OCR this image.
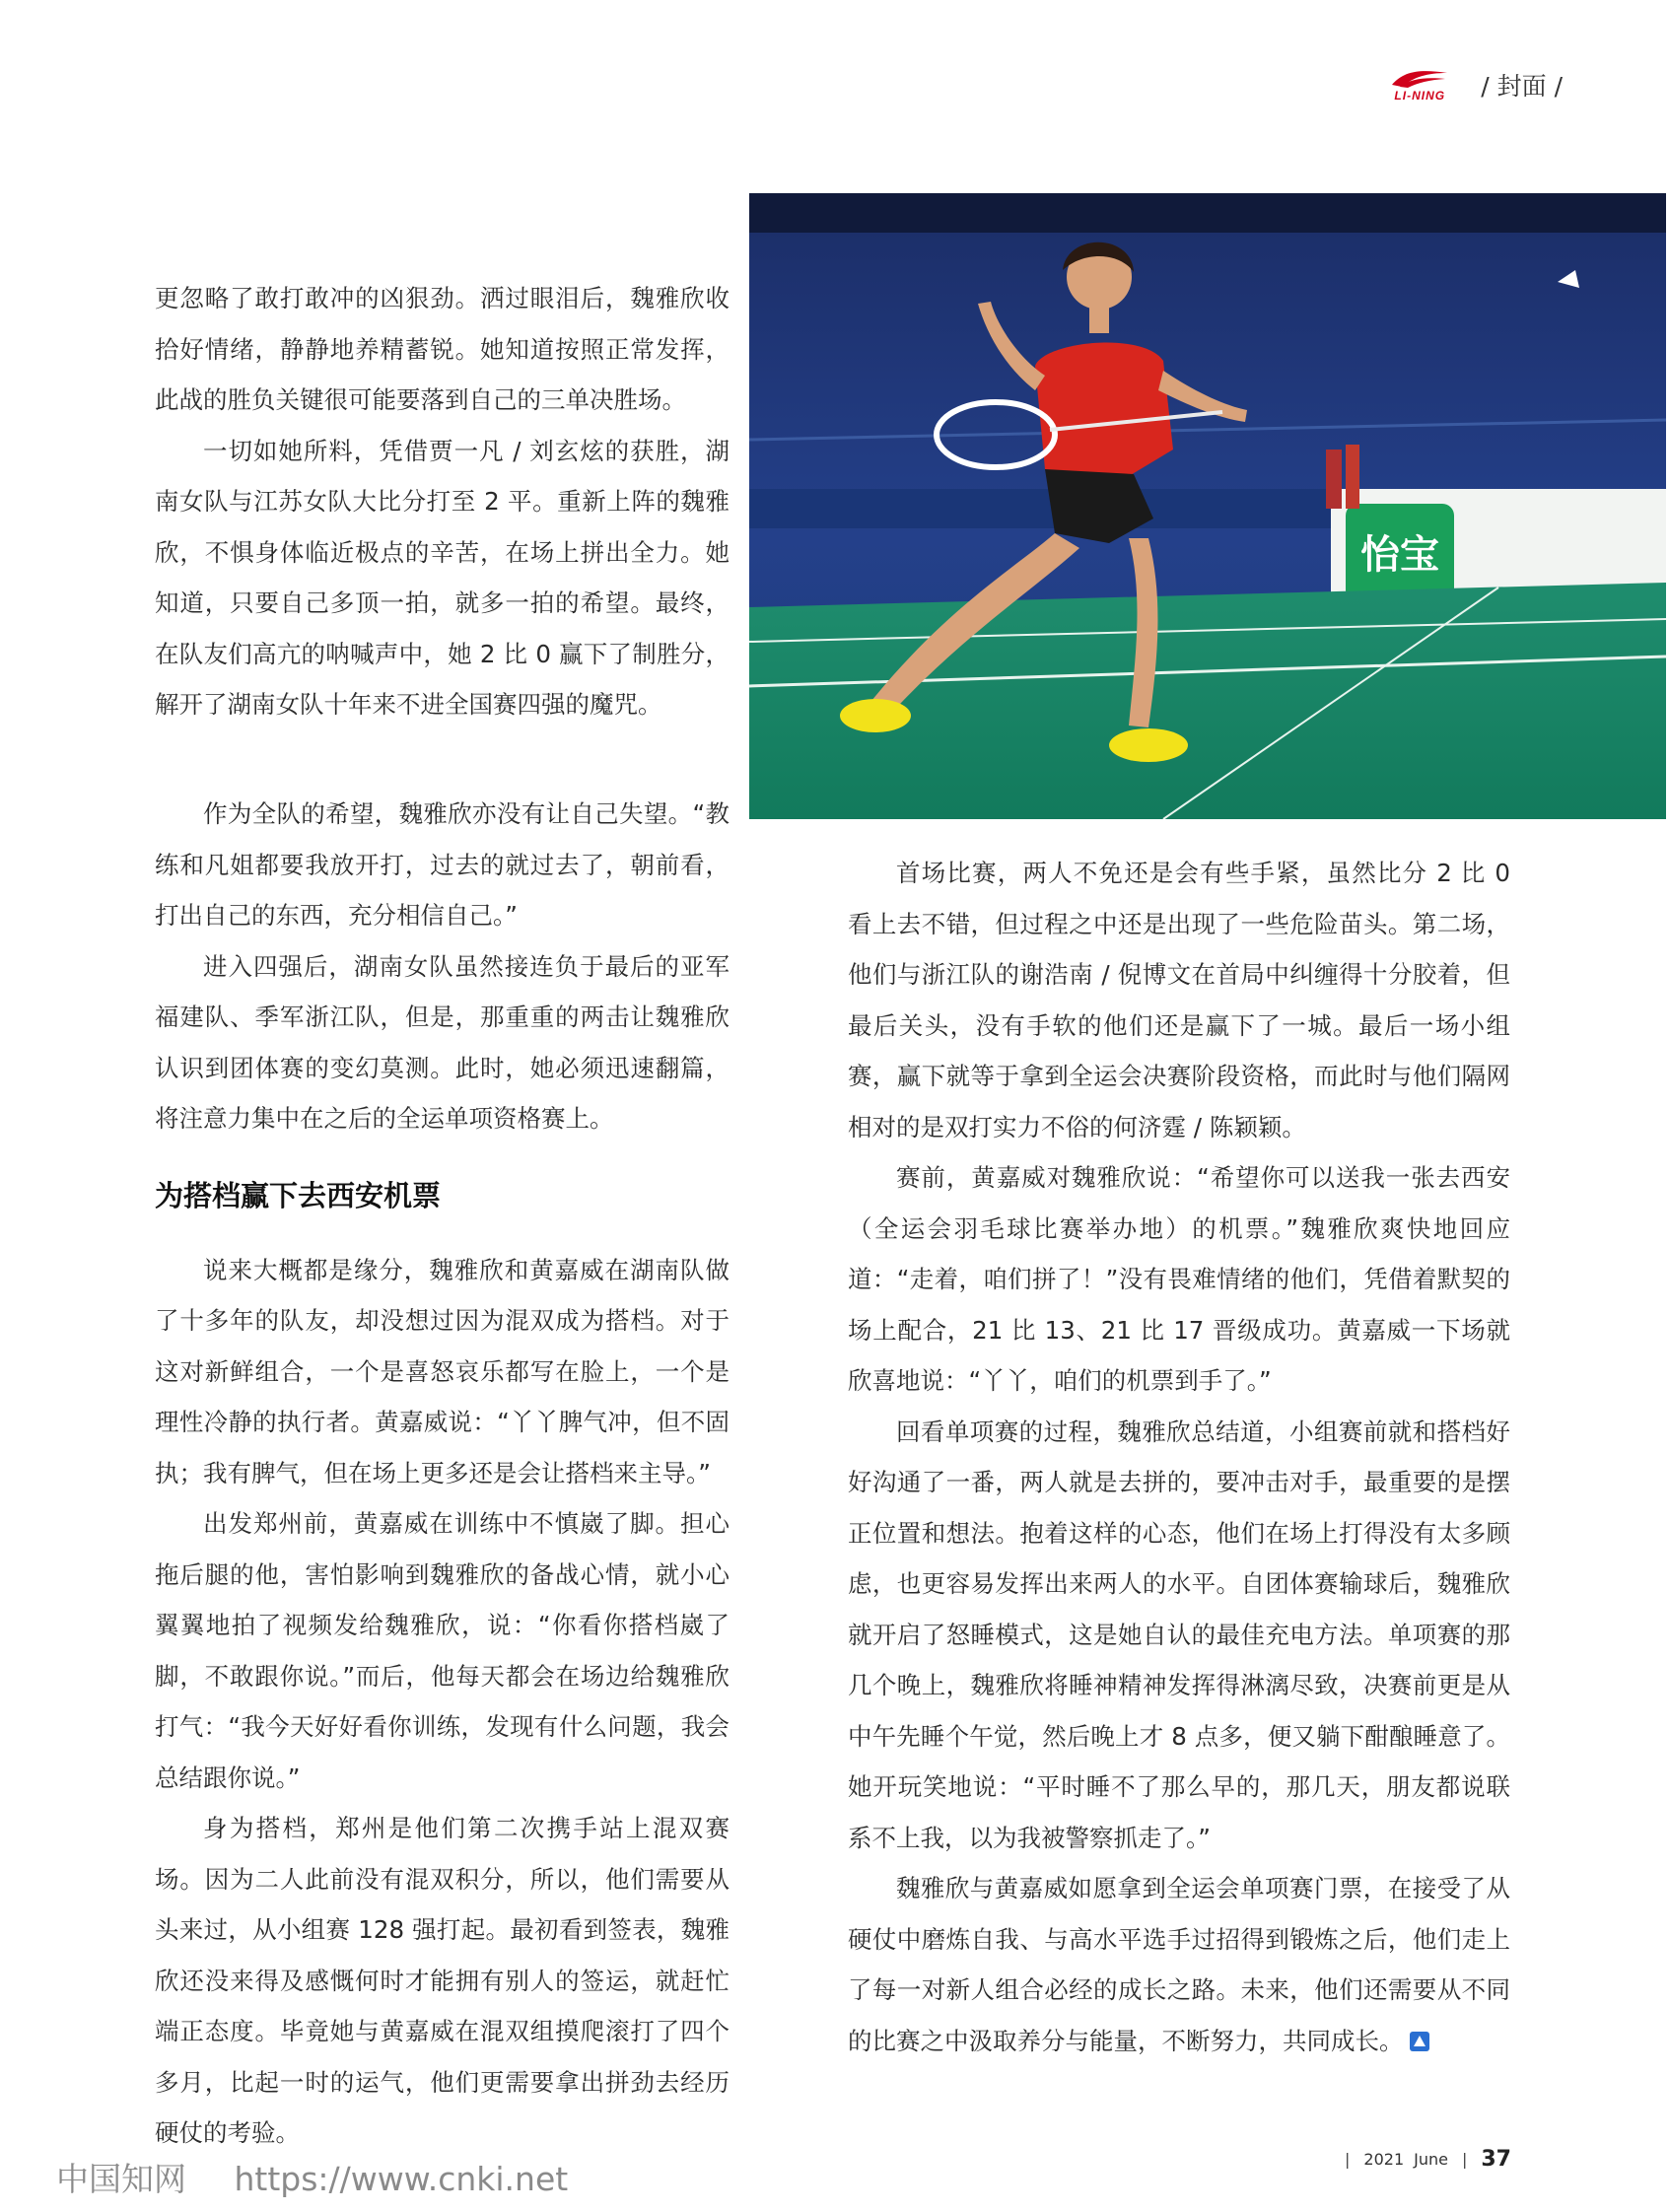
LI-NING / 封面 /
怡宝

更忽略了敢打敢冲的凶狠劲。洒过眼泪后，魏雅欣收拾好情绪，静静地养精蓄锐。她知道按照正常发挥，此战的胜负关键很可能要落到自己的三单决胜场。

一切如她所料，凭借贾一凡 / 刘玄炫的获胜，湖南女队与江苏女队大比分打至 2 平。重新上阵的魏雅欣，不惧身体临近极点的辛苦，在场上拼出全力。她知道，只要自己多顶一拍，就多一拍的希望。最终，在队友们高亢的呐喊声中，她 2 比 0 赢下了制胜分，解开了湖南女队十年来不进全国赛四强的魔咒。

作为全队的希望，魏雅欣亦没有让自己失望。“教练和凡姐都要我放开打，过去的就过去了，朝前看，打出自己的东西，充分相信自己。”

进入四强后，湖南女队虽然接连负于最后的亚军福建队、季军浙江队，但是，那重重的两击让魏雅欣认识到团体赛的变幻莫测。此时，她必须迅速翻篇，将注意力集中在之后的全运单项资格赛上。

为搭档赢下去西安机票

说来大概都是缘分，魏雅欣和黄嘉威在湖南队做了十多年的队友，却没想过因为混双成为搭档。对于这对新鲜组合，一个是喜怒哀乐都写在脸上，一个是理性冷静的执行者。黄嘉威说：“丫丫脾气冲，但不固执；我有脾气，但在场上更多还是会让搭档来主导。”

出发郑州前，黄嘉威在训练中不慎崴了脚。担心拖后腿的他，害怕影响到魏雅欣的备战心情，就小心翼翼地拍了视频发给魏雅欣，说：“你看你搭档崴了脚，不敢跟你说。”而后，他每天都会在场边给魏雅欣打气：“我今天好好看你训练，发现有什么问题，我会总结跟你说。”

身为搭档，郑州是他们第二次携手站上混双赛场。因为二人此前没有混双积分，所以，他们需要从头来过，从小组赛 128 强打起。最初看到签表，魏雅欣还没来得及感慨何时才能拥有别人的签运，就赶忙端正态度。毕竟她与黄嘉威在混双组摸爬滚打了四个多月，比起一时的运气，他们更需要拿出拼劲去经历硬仗的考验。

首场比赛，两人不免还是会有些手紧，虽然比分 2 比 0 看上去不错，但过程之中还是出现了一些危险苗头。第二场，他们与浙江队的谢浩南 / 倪博文在首局中纠缠得十分胶着，但最后关头，没有手软的他们还是赢下了一城。最后一场小组赛，赢下就等于拿到全运会决赛阶段资格，而此时与他们隔网相对的是双打实力不俗的何济霆 / 陈颖颖。

赛前，黄嘉威对魏雅欣说：“希望你可以送我一张去西安（全运会羽毛球比赛举办地）的机票。”魏雅欣爽快地回应道：“走着，咱们拼了！”没有畏难情绪的他们，凭借着默契的场上配合，21 比 13、21 比 17 晋级成功。黄嘉威一下场就欣喜地说：“丫丫，咱们的机票到手了。”

回看单项赛的过程，魏雅欣总结道，小组赛前就和搭档好好沟通了一番，两人就是去拼的，要冲击对手，最重要的是摆正位置和想法。抱着这样的心态，他们在场上打得没有太多顾虑，也更容易发挥出来两人的水平。自团体赛输球后，魏雅欣就开启了怒睡模式，这是她自认的最佳充电方法。单项赛的那几个晚上，魏雅欣将睡神精神发挥得淋漓尽致，决赛前更是从中午先睡个午觉，然后晚上才 8 点多，便又躺下酣酿睡意了。她开玩笑地说：“平时睡不了那么早的，那几天，朋友都说联系不上我，以为我被警察抓走了。”

魏雅欣与黄嘉威如愿拿到全运会单项赛门票，在接受了从硬仗中磨炼自我、与高水平选手过招得到锻炼之后，他们走上了每一对新人组合必经的成长之路。未来，他们还需要从不同的比赛之中汲取养分与能量，不断努力，共同成长。

中国知网 https://www.cnki.net
| 2021 June | 37
